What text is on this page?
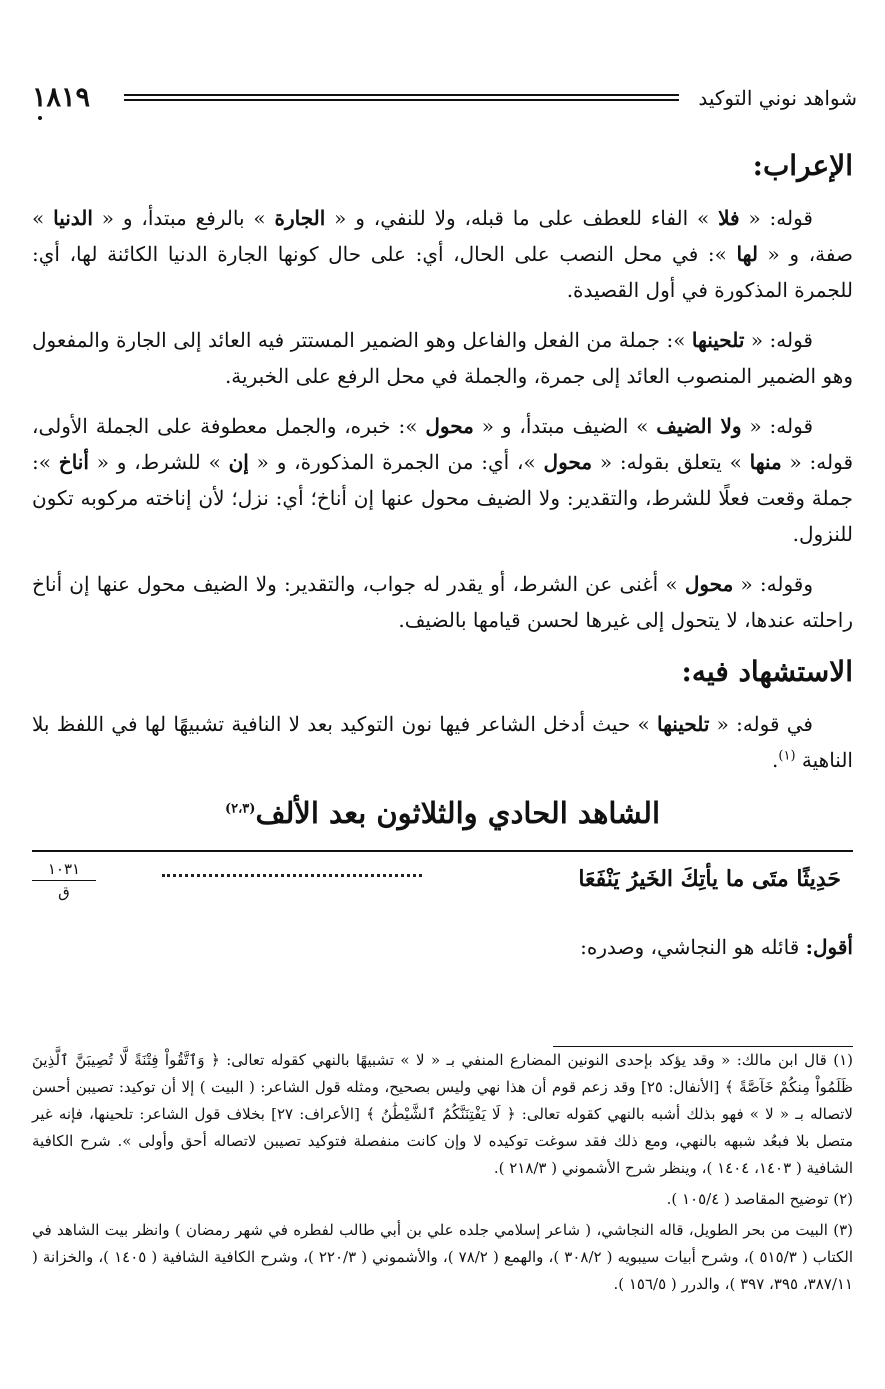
شواهد نوني التوكيد
١٨١٩
الإعراب:

قوله: « فلا » الفاء للعطف على ما قبله، ولا للنفي، و « الجارة » بالرفع مبتدأ، و « الدنيا » صفة، و « لها »: في محل النصب على الحال، أي: على حال كونها الجارة الدنيا الكائنة لها، أي: للجمرة المذكورة في أول القصيدة.

قوله: « تلحينها »: جملة من الفعل والفاعل وهو الضمير المستتر فيه العائد إلى الجارة والمفعول وهو الضمير المنصوب العائد إلى جمرة، والجملة في محل الرفع على الخبرية.

قوله: « ولا الضيف » الضيف مبتدأ، و « محول »: خبره، والجمل معطوفة على الجملة الأولى، قوله: « منها » يتعلق بقوله: « محول »، أي: من الجمرة المذكورة، و « إن » للشرط، و « أناخ »: جملة وقعت فعلًا للشرط، والتقدير: ولا الضيف محول عنها إن أناخ؛ أي: نزل؛ لأن إناخته مركوبه تكون للنزول.

وقوله: « محول » أغنى عن الشرط، أو يقدر له جواب، والتقدير: ولا الضيف محول عنها إن أناخ راحلته عندها، لا يتحول إلى غيرها لحسن قيامها بالضيف.

الاستشهاد فيه:

في قوله: « تلحينها » حيث أدخل الشاعر فيها نون التوكيد بعد لا النافية تشبيهًا لها في اللفظ بلا الناهية $^{(١)}$.

الشاهد الحادي والثلاثون بعد الألف$^{(٢،٣)}$
حَدِيثًا متَى ما يأتِكَ الخَيرُ يَنْفَعَا
١٠٣١
ق
أقول: قائله هو النجاشي، وصدره:

(١) قال ابن مالك: « وقد يؤكد بإحدى النونين المضارع المنفي بـ « لا » تشبيهًا بالنهي كقوله تعالى: ﴿ وَٱتَّقُواْ فِتْنَةً لَّا تُصِيبَنَّ ٱلَّذِينَ ظَلَمُواْ مِنكُمْ خَآصَّةً ﴾ [الأنفال: ٢٥] وقد زعم قوم أن هذا نهي وليس بصحيح، ومثله قول الشاعر: ( البيت ) إلا أن توكيد: تصيبن أحسن لاتصاله بـ « لا » فهو بذلك أشبه بالنهي كقوله تعالى: ﴿ لَا يَفْتِنَنَّكُمُ ٱلشَّيْطَٰنُ ﴾ [الأعراف: ٢٧] بخلاف قول الشاعر: تلحينها، فإنه غير متصل بلا فبعُد شبهه بالنهي، ومع ذلك فقد سوغت توكيده لا وإن كانت منفصلة فتوكيد تصيبن لاتصاله أحق وأولى ». شرح الكافية الشافية ( ١٤٠٣، ١٤٠٤ )، وينظر شرح الأشموني ( ٢١٨/٣ ).

(٢) توضيح المقاصد ( ١٠٥/٤ ).

(٣) البيت من بحر الطويل، قاله النجاشي، ( شاعر إسلامي جلده علي بن أبي طالب لفطره في شهر رمضان ) وانظر بيت الشاهد في الكتاب ( ٥١٥/٣ )، وشرح أبيات سيبويه ( ٣٠٨/٢ )، والهمع ( ٧٨/٢ )، والأشموني ( ٢٢٠/٣ )، وشرح الكافية الشافية ( ١٤٠٥ )، والخزانة ( ٣٨٧/١١، ٣٩٥، ٣٩٧ )، والدرر ( ١٥٦/٥ ).
